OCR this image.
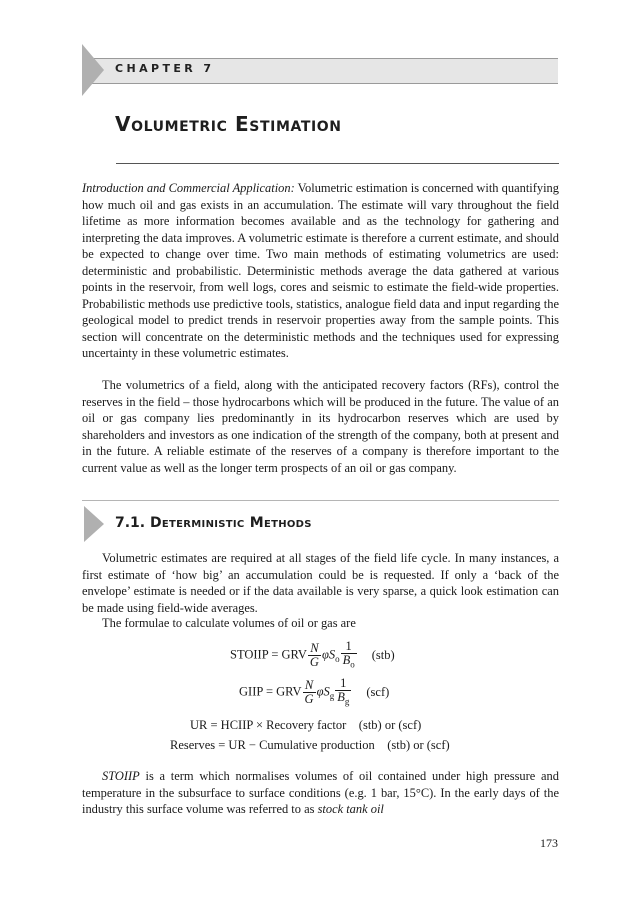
CHAPTER 7
Volumetric Estimation

Introduction and Commercial Application: Volumetric estimation is concerned with quantifying how much oil and gas exists in an accumulation. The estimate will vary throughout the field lifetime as more information becomes available and as the technology for gathering and interpreting the data improves. A volumetric estimate is therefore a current estimate, and should be expected to change over time. Two main methods of estimating volumetrics are used: deterministic and probabilistic. Deterministic methods average the data gathered at various points in the reservoir, from well logs, cores and seismic to estimate the field-wide properties. Probabilistic methods use predictive tools, statistics, analogue field data and input regarding the geological model to predict trends in reservoir properties away from the sample points. This section will concentrate on the deterministic methods and the techniques used for expressing uncertainty in these volumetric estimates.

The volumetrics of a field, along with the anticipated recovery factors (RFs), control the reserves in the field – those hydrocarbons which will be produced in the future. The value of an oil or gas company lies predominantly in its hydrocarbon reserves which are used by shareholders and investors as one indication of the strength of the company, both at present and in the future. A reliable estimate of the reserves of a company is therefore important to the current value as well as the longer term prospects of an oil or gas company.

7.1. Deterministic Methods

Volumetric estimates are required at all stages of the field life cycle. In many instances, a first estimate of ‘how big’ an accumulation could be is requested. If only a ‘back of the envelope’ estimate is needed or if the data available is very sparse, a quick look estimation can be made using field-wide averages.

The formulae to calculate volumes of oil or gas are

STOIIP = GRV $\frac{N}{G} \varphi S_o \frac{1}{B_o} (stb)$
GIIP = GRV $\frac{N}{G} \varphi S_g \frac{1}{B_g} (scf)$
UR = HCIIP × Recovery factor    (stb) or (scf)
Reserves = UR − Cumulative production    (stb) or (scf)

STOIIP is a term which normalises volumes of oil contained under high pressure and temperature in the subsurface to surface conditions (e.g. 1 bar, 15°C). In the early days of the industry this surface volume was referred to as stock tank oil

173
